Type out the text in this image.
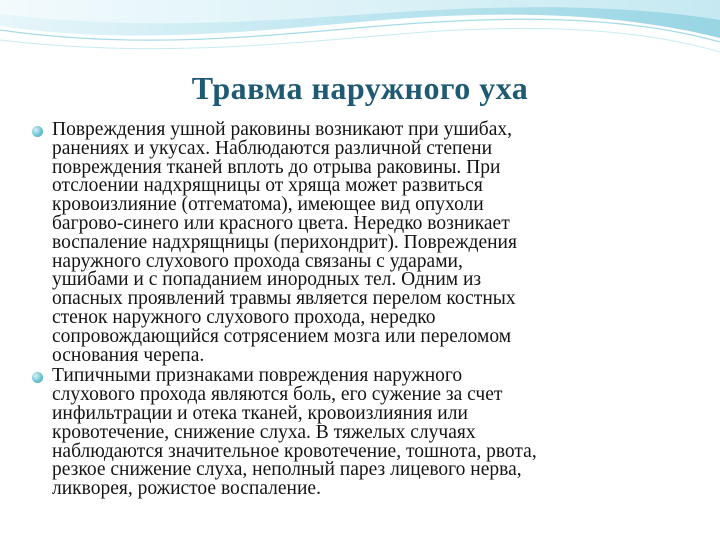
Травма наружного уха
Повреждения ушной раковины возникают при ушибах,
ранениях и укусах. Наблюдаются различной степени
повреждения тканей вплоть до отрыва раковины. При
отслоении надхрящницы от хряща может развиться
кровоизлияние (отгематома), имеющее вид опухоли
багрово-синего или красного цвета. Нередко возникает
воспаление надхрящницы (перихондрит). Повреждения
наружного слухового прохода связаны с ударами,
ушибами и с попаданием инородных тел. Одним из
опасных проявлений травмы является перелом костных
стенок наружного слухового прохода, нередко
сопровождающийся сотрясением мозга или переломом
основания черепа.
Типичными признаками повреждения наружного
слухового прохода являются боль, его сужение за счет
инфильтрации и отека тканей, кровоизлияния или
кровотечение, снижение слуха. В тяжелых случаях
наблюдаются значительное кровотечение, тошнота, рвота,
резкое снижение слуха, неполный парез лицевого нерва,
ликворея, рожистое воспаление.
